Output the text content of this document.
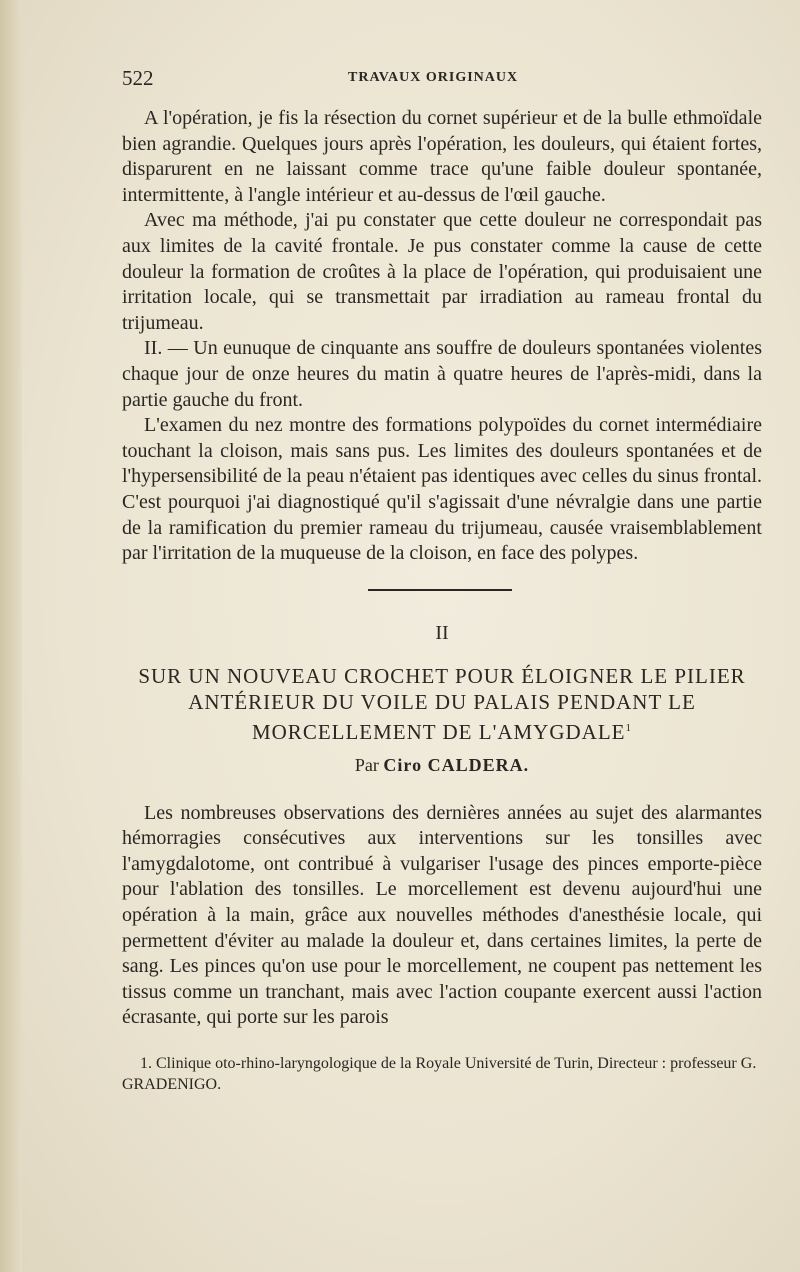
522	TRAVAUX ORIGINAUX

A l'opération, je fis la résection du cornet supérieur et de la bulle ethmoïdale bien agrandie. Quelques jours après l'opération, les douleurs, qui étaient fortes, disparurent en ne laissant comme trace qu'une faible douleur spontanée, intermittente, à l'angle intérieur et au-dessus de l'œil gauche.

Avec ma méthode, j'ai pu constater que cette douleur ne correspondait pas aux limites de la cavité frontale. Je pus constater comme la cause de cette douleur la formation de croûtes à la place de l'opération, qui produisaient une irritation locale, qui se transmettait par irradiation au rameau frontal du trijumeau.

II. — Un eunuque de cinquante ans souffre de douleurs spontanées violentes chaque jour de onze heures du matin à quatre heures de l'après-midi, dans la partie gauche du front.

L'examen du nez montre des formations polypoïdes du cornet intermédiaire touchant la cloison, mais sans pus. Les limites des douleurs spontanées et de l'hypersensibilité de la peau n'étaient pas identiques avec celles du sinus frontal. C'est pourquoi j'ai diagnostiqué qu'il s'agissait d'une névralgie dans une partie de la ramification du premier rameau du trijumeau, causée vraisemblablement par l'irritation de la muqueuse de la cloison, en face des polypes.

II

SUR UN NOUVEAU CROCHET POUR ÉLOIGNER LE PILIER ANTÉRIEUR DU VOILE DU PALAIS PENDANT LE MORCELLEMENT DE L'AMYGDALE$^1$

Par Ciro CALDERA.

Les nombreuses observations des dernières années au sujet des alarmantes hémorragies consécutives aux interventions sur les tonsilles avec l'amygdalotome, ont contribué à vulgariser l'usage des pinces emporte-pièce pour l'ablation des tonsilles. Le morcellement est devenu aujourd'hui une opération à la main, grâce aux nouvelles méthodes d'anesthésie locale, qui permettent d'éviter au malade la douleur et, dans certaines limites, la perte de sang. Les pinces qu'on use pour le morcellement, ne coupent pas nettement les tissus comme un tranchant, mais avec l'action coupante exercent aussi l'action écrasante, qui porte sur les parois

1. Clinique oto-rhino-laryngologique de la Royale Université de Turin, Directeur : professeur G. GRADENIGO.
